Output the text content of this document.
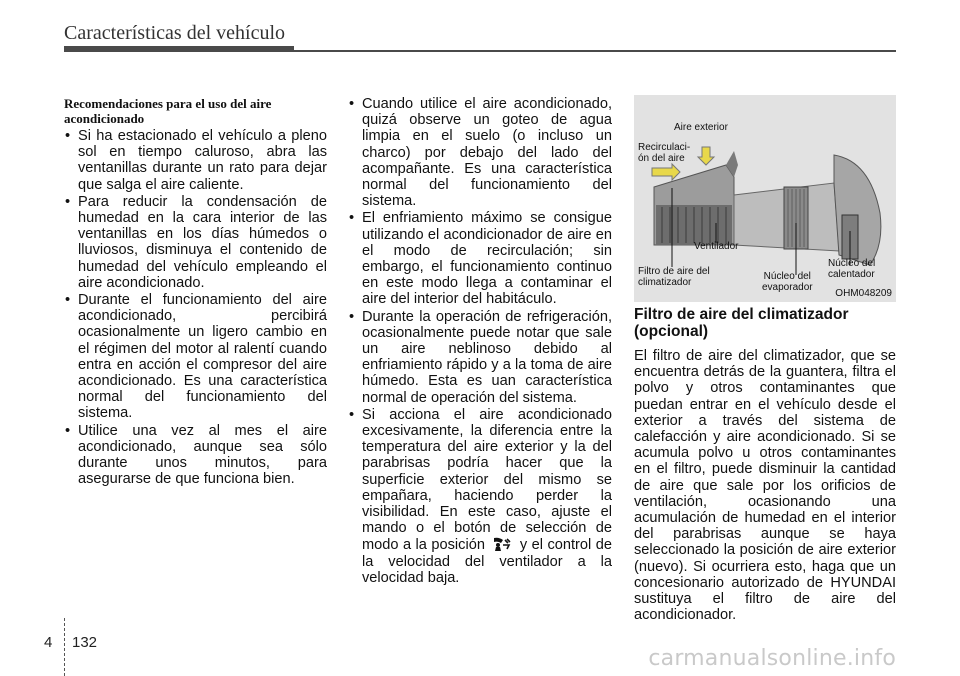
Características del vehículo

Recomendaciones para el uso del aire acondicionado

• Si ha estacionado el vehículo a pleno sol en tiempo caluroso, abra las ventanillas durante un rato para dejar que salga el aire caliente.
• Para reducir la condensación de humedad en la cara interior de las ventanillas en los días húmedos o lluviosos, disminuya el contenido de humedad del vehículo empleando el aire acondicionado.
• Durante el funcionamiento del aire acondicionado, percibirá ocasionalmente un ligero cambio en el régimen del motor al ralentí cuando entra en acción el compresor del aire acondicionado. Es una característica normal del funcionamiento del sistema.
• Utilice una vez al mes el aire acondicionado, aunque sea sólo durante unos minutos, para asegurarse de que funciona bien.
• Cuando utilice el aire acondicionado, quizá observe un goteo de agua limpia en el suelo (o incluso un charco) por debajo del lado del acompañante. Es una característica normal del funcionamiento del sistema.
• El enfriamiento máximo se consigue utilizando el acondicionador de aire en el modo de recirculación; sin embargo, el funcionamiento continuo en este modo llega a contaminar el aire del interior del habitáculo.
• Durante la operación de refrigeración, ocasionalmente puede notar que sale un aire neblinoso debido al enfriamiento rápido y a la toma de aire húmedo. Esta es uan característica normal de operación del sistema.
• Si acciona el aire acondicionado excesivamente, la diferencia entre la temperatura del aire exterior y la del parabrisas podría hacer que la superficie exterior del mismo se empañara, haciendo perder la visibilidad. En este caso, ajuste el mando o el botón de selección de modo a la posición y el control de la velocidad del ventilador a la velocidad baja.
Aire exterior
Recirculaci-
ón del aire
Ventilador
Filtro de aire del
climatizador
Núcleo del
evaporador
Núcleo del
calentador
OHM048209

Filtro de aire del climatizador (opcional)

El filtro de aire del climatizador, que se encuentra detrás de la guantera, filtra el polvo y otros contaminantes que puedan entrar en el vehículo desde el exterior a través del sistema de calefacción y aire acondicionado. Si se acumula polvo u otros contaminantes en el filtro, puede disminuir la cantidad de aire que sale por los orificios de ventilación, ocasionando una acumulación de humedad en el interior del parabrisas aunque se haya seleccionado la posición de aire exterior (nuevo). Si ocurriera esto, haga que un concesionario autorizado de HYUNDAI sustituya el filtro de aire del acondicionador.

4 132
carmanualsonline.info
